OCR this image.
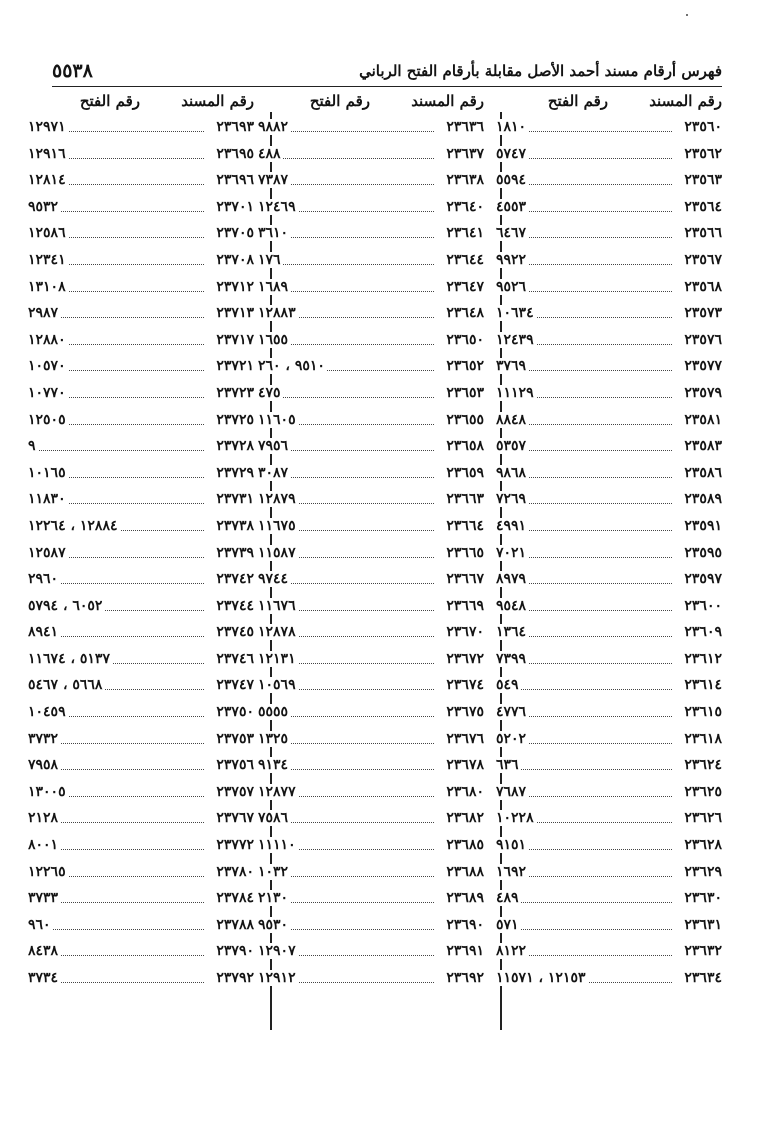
فهرس أرقام مسند أحمد الأصل مقابلة بأرقام الفتح الرباني
٥٥٣٨
رقم المسند
رقم الفتح
رقم المسند
رقم الفتح
رقم المسند
رقم الفتح
٢٣٥٦٠
١٨١٠
٢٣٥٦٢
٥٧٤٧
٢٣٥٦٣
٥٥٩٤
٢٣٥٦٤
٤٥٥٣
٢٣٥٦٦
٦٤٦٧
٢٣٥٦٧
٩٩٢٢
٢٣٥٦٨
٩٥٢٦
٢٣٥٧٣
١٠٦٣٤
٢٣٥٧٦
١٢٤٣٩
٢٣٥٧٧
٣٧٦٩
٢٣٥٧٩
١١١٢٩
٢٣٥٨١
٨٨٤٨
٢٣٥٨٣
٥٣٥٧
٢٣٥٨٦
٩٨٦٨
٢٣٥٨٩
٧٢٦٩
٢٣٥٩١
٤٩٩١
٢٣٥٩٥
٧٠٢١
٢٣٥٩٧
٨٩٧٩
٢٣٦٠٠
٩٥٤٨
٢٣٦٠٩
١٣٦٤
٢٣٦١٢
٧٣٩٩
٢٣٦١٤
٥٤٩
٢٣٦١٥
٤٧٧٦
٢٣٦١٨
٥٢٠٢
٢٣٦٢٤
٦٣٦
٢٣٦٢٥
٧٦٨٧
٢٣٦٢٦
١٠٢٢٨
٢٣٦٢٨
٩١٥١
٢٣٦٢٩
١٦٩٢
٢٣٦٣٠
٤٨٩
٢٣٦٣١
٥٧١
٢٣٦٣٢
٨١٢٢
٢٣٦٣٤
١٢١٥٣ ، ١١٥٧١
٢٣٦٣٦
٩٨٨٢
٢٣٦٣٧
٤٨٨
٢٣٦٣٨
٧٣٨٧
٢٣٦٤٠
١٢٤٦٩
٢٣٦٤١
٣٦١٠
٢٣٦٤٤
١٧٦
٢٣٦٤٧
١٦٨٩
٢٣٦٤٨
١٢٨٨٣
٢٣٦٥٠
١٦٥٥
٢٣٦٥٢
٩٥١٠ ، ٢٦٠
٢٣٦٥٣
٤٧٥
٢٣٦٥٥
١١٦٠٥
٢٣٦٥٨
٧٩٥٦
٢٣٦٥٩
٣٠٨٧
٢٣٦٦٣
١٢٨٧٩
٢٣٦٦٤
١١٦٧٥
٢٣٦٦٥
١١٥٨٧
٢٣٦٦٧
٩٧٤٤
٢٣٦٦٩
١١٦٧٦
٢٣٦٧٠
١٢٨٧٨
٢٣٦٧٢
١٢١٣١
٢٣٦٧٤
١٠٥٦٩
٢٣٦٧٥
٥٥٥٥
٢٣٦٧٦
١٣٢٥
٢٣٦٧٨
٩١٣٤
٢٣٦٨٠
١٢٨٧٧
٢٣٦٨٢
٧٥٨٦
٢٣٦٨٥
١١١١٠
٢٣٦٨٨
١٠٣٢
٢٣٦٨٩
٢١٣٠
٢٣٦٩٠
٩٥٣٠
٢٣٦٩١
١٢٩٠٧
٢٣٦٩٢
١٢٩١٢
٢٣٦٩٣
١٢٩٧١
٢٣٦٩٥
١٢٩١٦
٢٣٦٩٦
١٢٨١٤
٢٣٧٠١
٩٥٣٢
٢٣٧٠٥
١٢٥٨٦
٢٣٧٠٨
١٢٣٤١
٢٣٧١٢
١٣١٠٨
٢٣٧١٣
٢٩٨٧
٢٣٧١٧
١٢٨٨٠
٢٣٧٢١
١٠٥٧٠
٢٣٧٢٣
١٠٧٧٠
٢٣٧٢٥
١٢٥٠٥
٢٣٧٢٨
٩
٢٣٧٢٩
١٠١٦٥
٢٣٧٣١
١١٨٣٠
٢٣٧٣٨
١٢٨٨٤ ، ١٢٢٦٤
٢٣٧٣٩
١٢٥٨٧
٢٣٧٤٢
٢٩٦٠
٢٣٧٤٤
٦٠٥٢ ، ٥٧٩٤
٢٣٧٤٥
٨٩٤١
٢٣٧٤٦
٥١٣٧ ، ١١٦٧٤
٢٣٧٤٧
٥٦٦٨ ، ٥٤٦٧
٢٣٧٥٠
١٠٤٥٩
٢٣٧٥٣
٣٧٣٢
٢٣٧٥٦
٧٩٥٨
٢٣٧٥٧
١٣٠٠٥
٢٣٧٦٧
٢١٢٨
٢٣٧٧٢
٨٠٠١
٢٣٧٨٠
١٢٢٦٥
٢٣٧٨٤
٣٧٣٣
٢٣٧٨٨
٩٦٠
٢٣٧٩٠
٨٤٣٨
٢٣٧٩٢
٣٧٣٤
